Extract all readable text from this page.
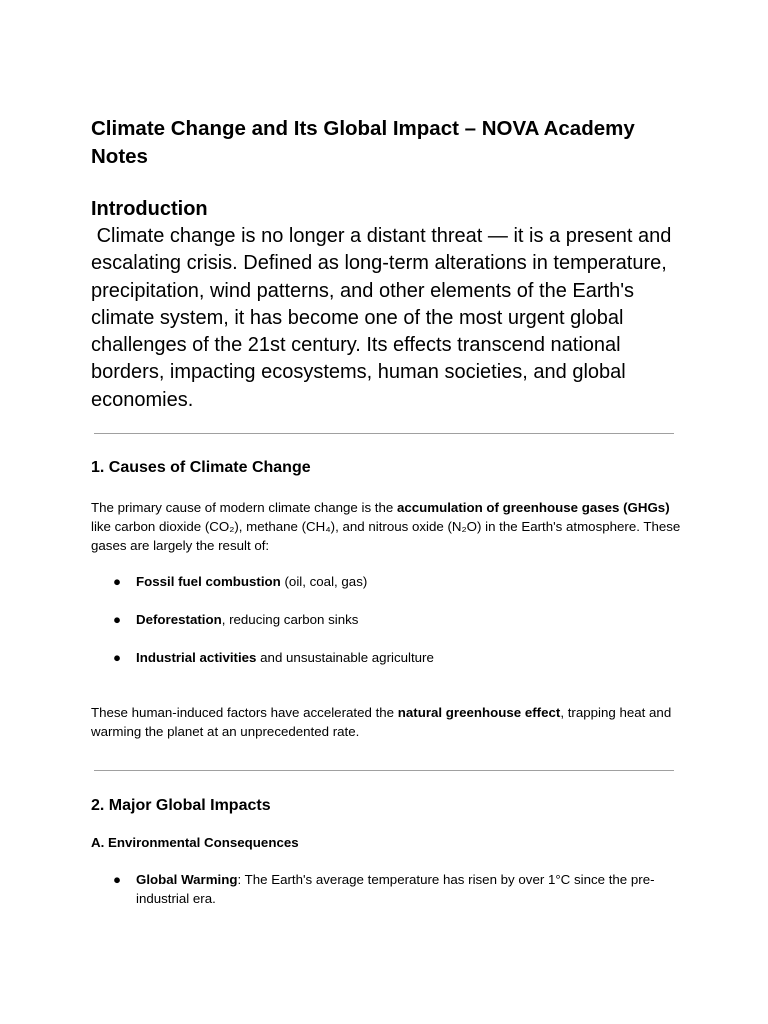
Climate Change and Its Global Impact – NOVA Academy Notes
Introduction

Climate change is no longer a distant threat — it is a present and escalating crisis. Defined as long-term alterations in temperature, precipitation, wind patterns, and other elements of the Earth's climate system, it has become one of the most urgent global challenges of the 21st century. Its effects transcend national borders, impacting ecosystems, human societies, and global economies.

1. Causes of Climate Change

The primary cause of modern climate change is the accumulation of greenhouse gases (GHGs) like carbon dioxide (CO₂), methane (CH₄), and nitrous oxide (N₂O) in the Earth's atmosphere. These gases are largely the result of:

● Fossil fuel combustion (oil, coal, gas)
● Deforestation, reducing carbon sinks
● Industrial activities and unsustainable agriculture

These human-induced factors have accelerated the natural greenhouse effect, trapping heat and warming the planet at an unprecedented rate.

2. Major Global Impacts
A. Environmental Consequences
● Global Warming: The Earth's average temperature has risen by over 1°C since the pre-industrial era.
